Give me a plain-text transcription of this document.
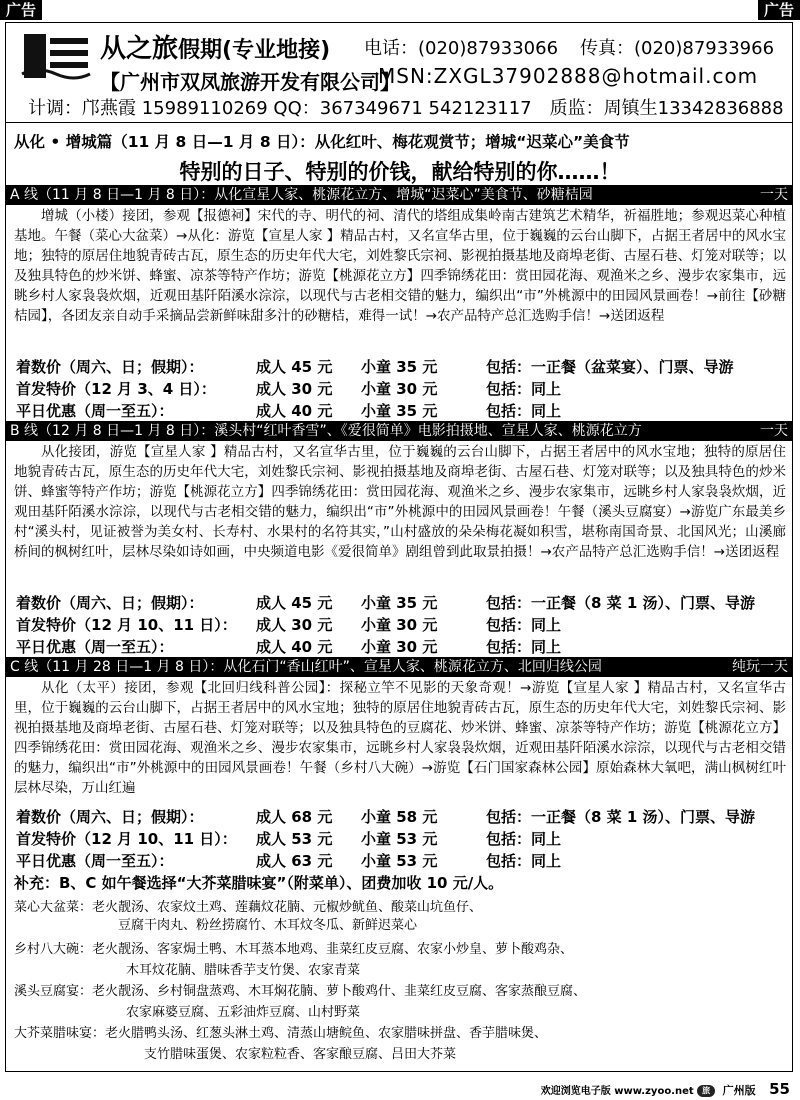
广告	广告
从之旅假期(专业地接) 电话：(020)87933066 传真：(020)87933966
【广州市双凤旅游开发有限公司】
MSN:ZXGL37902888@hotmail.com
计调：邝燕霞 15989110269 QQ：367349671 542123117　质监：周镇生13342836888
从化 • 增城篇（11 月 8 日—1 月 8 日）：从化红叶、梅花观赏节；增城“迟菜心”美食节
特别的日子、特别的价钱，献给特别的你……！
A 线（11 月 8 日—1 月 8 日）：从化宣星人家、桃源花立方、增城“迟菜心”美食节、砂糖桔园	一天

增城（小楼）接团，参观【报德祠】宋代的寺、明代的祠、清代的塔组成集岭南古建筑艺术精华，祈福胜地；参观迟菜心种植基地。午餐（菜心大盆菜）→从化：游览【宣星人家 】精品古村，又名宣华古里，位于巍巍的云台山脚下，占据王者居中的风水宝地；独特的原居住地貌青砖古瓦，原生态的历史年代大宅，刘姓黎氏宗祠、影视拍摄基地及商埠老街、古屋石巷、灯笼对联等；以及独具特色的炒米饼、蜂蜜、凉茶等特产作坊；游览【桃源花立方】四季锦绣花田：赏田园花海、观渔米之乡、漫步农家集市，远眺乡村人家袅袅炊烟，近观田基阡陌溪水淙淙，以现代与古老相交错的魅力，编织出“市”外桃源中的田园风景画卷！→前往【砂糖桔园】，各团友亲自动手采摘品尝新鲜味甜多汁的砂糖桔，难得一试！→农产品特产总汇选购手信！→送团返程

着数价（周六、日；假期）：	成人 45 元 小童 35 元	包括：一正餐（盆菜宴）、门票、导游
首发特价（12 月 3、4 日）：	成人 30 元 小童 30 元	包括：同上
平日优惠（周一至五）：	成人 40 元 小童 35 元	包括：同上
B 线（12 月 8 日—1 月 8 日）：溪头村“红叶香雪”、《爱很简单》电影拍摄地、宣星人家、桃源花立方	一天

从化接团，游览【宣星人家 】精品古村，又名宣华古里，位于巍巍的云台山脚下，占据王者居中的风水宝地；独特的原居住地貌青砖古瓦，原生态的历史年代大宅，刘姓黎氏宗祠、影视拍摄基地及商埠老街、古屋石巷、灯笼对联等；以及独具特色的炒米饼、蜂蜜等特产作坊；游览【桃源花立方】四季锦绣花田：赏田园花海、观渔米之乡、漫步农家集市，远眺乡村人家袅袅炊烟，近观田基阡陌溪水淙淙，以现代与古老相交错的魅力，编织出“市”外桃源中的田园风景画卷！午餐（溪头豆腐宴）→游览广东最美乡村“溪头村，见证被誉为美女村、长寿村、水果村的名符其实，”山村盛放的朵朵梅花凝如积雪，堪称南国奇景、北国风光；山溪廊桥间的枫树红叶，层林尽染如诗如画，中央频道电影《爱很简单》剧组曾到此取景拍摄！→农产品特产总汇选购手信！→送团返程

着数价（周六、日；假期）：	成人 45 元 小童 35 元	包括：一正餐（8 菜 1 汤）、门票、导游
首发特价（12 月 10、11 日）： 成人 30 元 小童 30 元	包括：同上
平日优惠（周一至五）：	成人 40 元 小童 30 元	包括：同上
C 线（11 月 28 日—1 月 8 日）：从化石门“香山红叶”、宣星人家、桃源花立方、北回归线公园	纯玩一天

从化（太平）接团，参观【北回归线科普公园】：探秘立竿不见影的天象奇观！→游览【宣星人家 】精品古村，又名宣华古里，位于巍巍的云台山脚下，占据王者居中的风水宝地；独特的原居住地貌青砖古瓦，原生态的历史年代大宅，刘姓黎氏宗祠、影视拍摄基地及商埠老街、古屋石巷、灯笼对联等；以及独具特色的豆腐花、炒米饼、蜂蜜、凉茶等特产作坊；游览【桃源花立方】四季锦绣花田：赏田园花海、观渔米之乡、漫步农家集市，远眺乡村人家袅袅炊烟，近观田基阡陌溪水淙淙，以现代与古老相交错的魅力，编织出“市”外桃源中的田园风景画卷！午餐（乡村八大碗）→游览【石门国家森林公园】原始森林大氧吧，满山枫树红叶层林尽染，万山红遍

着数价（周六、日；假期）：	成人 68 元 小童 58 元	包括：一正餐（8 菜 1 汤）、门票、导游
首发特价（12 月 10、11 日）： 成人 53 元 小童 53 元	包括：同上
平日优惠（周一至五）：	成人 63 元 小童 53 元	包括：同上
补充：B、C 如午餐选择“大芥菜腊味宴”（附菜单）、团费加收 10 元/人。
菜心大盆菜：老火靓汤、农家炆土鸡、莲藕炆花腩、元椒炒鱿鱼、酸菜山坑鱼仔、
豆腐干肉丸、粉丝捞腐竹、木耳炆冬瓜、新鲜迟菜心
乡村八大碗：老火靓汤、客家焗土鸭、木耳蒸本地鸡、韭菜红皮豆腐、农家小炒皇、萝卜酸鸡杂、
木耳炆花腩、腊味香芋支竹煲、农家青菜
溪头豆腐宴：老火靓汤、乡村铜盘蒸鸡、木耳焖花腩、萝卜酸鸡什、韭菜红皮豆腐、客家蒸酿豆腐、
农家麻婆豆腐、五彩油炸豆腐、山村野菜
大芥菜腊味宴：老火腊鸭头汤、红葱头淋土鸡、清蒸山塘鲩鱼、农家腊味拼盘、香芋腊味煲、
支竹腊味蛋煲、农家粒粒香、客家酿豆腐、吕田大芥菜
欢迎浏览电子版 www.zyoo.net 旅 广州版 55
